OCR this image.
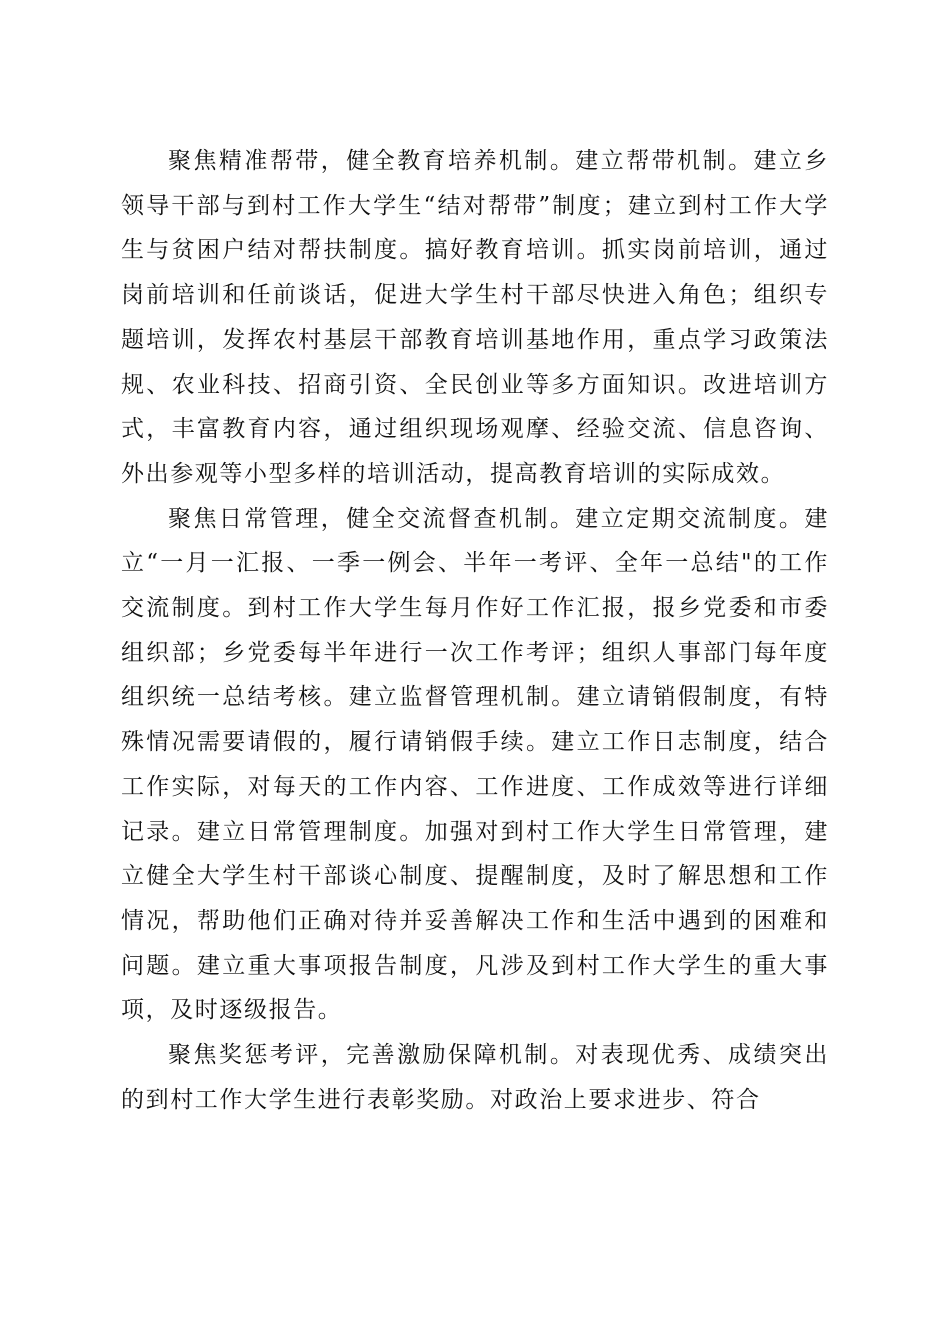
聚焦精准帮带，健全教育培养机制。建立帮带机制。建立乡领导干部与到村工作大学生“结对帮带”制度；建立到村工作大学生与贫困户结对帮扶制度。搞好教育培训。抓实岗前培训，通过岗前培训和任前谈话，促进大学生村干部尽快进入角色；组织专题培训，发挥农村基层干部教育培训基地作用，重点学习政策法规、农业科技、招商引资、全民创业等多方面知识。改进培训方式，丰富教育内容，通过组织现场观摩、经验交流、信息咨询、外出参观等小型多样的培训活动，提高教育培训的实际成效。

聚焦日常管理，健全交流督查机制。建立定期交流制度。建立“一月一汇报、一季一例会、半年一考评、全年一总结"的工作交流制度。到村工作大学生每月作好工作汇报，报乡党委和市委组织部；乡党委每半年进行一次工作考评；组织人事部门每年度组织统一总结考核。建立监督管理机制。建立请销假制度，有特殊情况需要请假的，履行请销假手续。建立工作日志制度，结合工作实际，对每天的工作内容、工作进度、工作成效等进行详细记录。建立日常管理制度。加强对到村工作大学生日常管理，建立健全大学生村干部谈心制度、提醒制度，及时了解思想和工作情况，帮助他们正确对待并妥善解决工作和生活中遇到的困难和问题。建立重大事项报告制度，凡涉及到村工作大学生的重大事项，及时逐级报告。

聚焦奖惩考评，完善激励保障机制。对表现优秀、成绩突出的到村工作大学生进行表彰奖励。对政治上要求进步、符合
